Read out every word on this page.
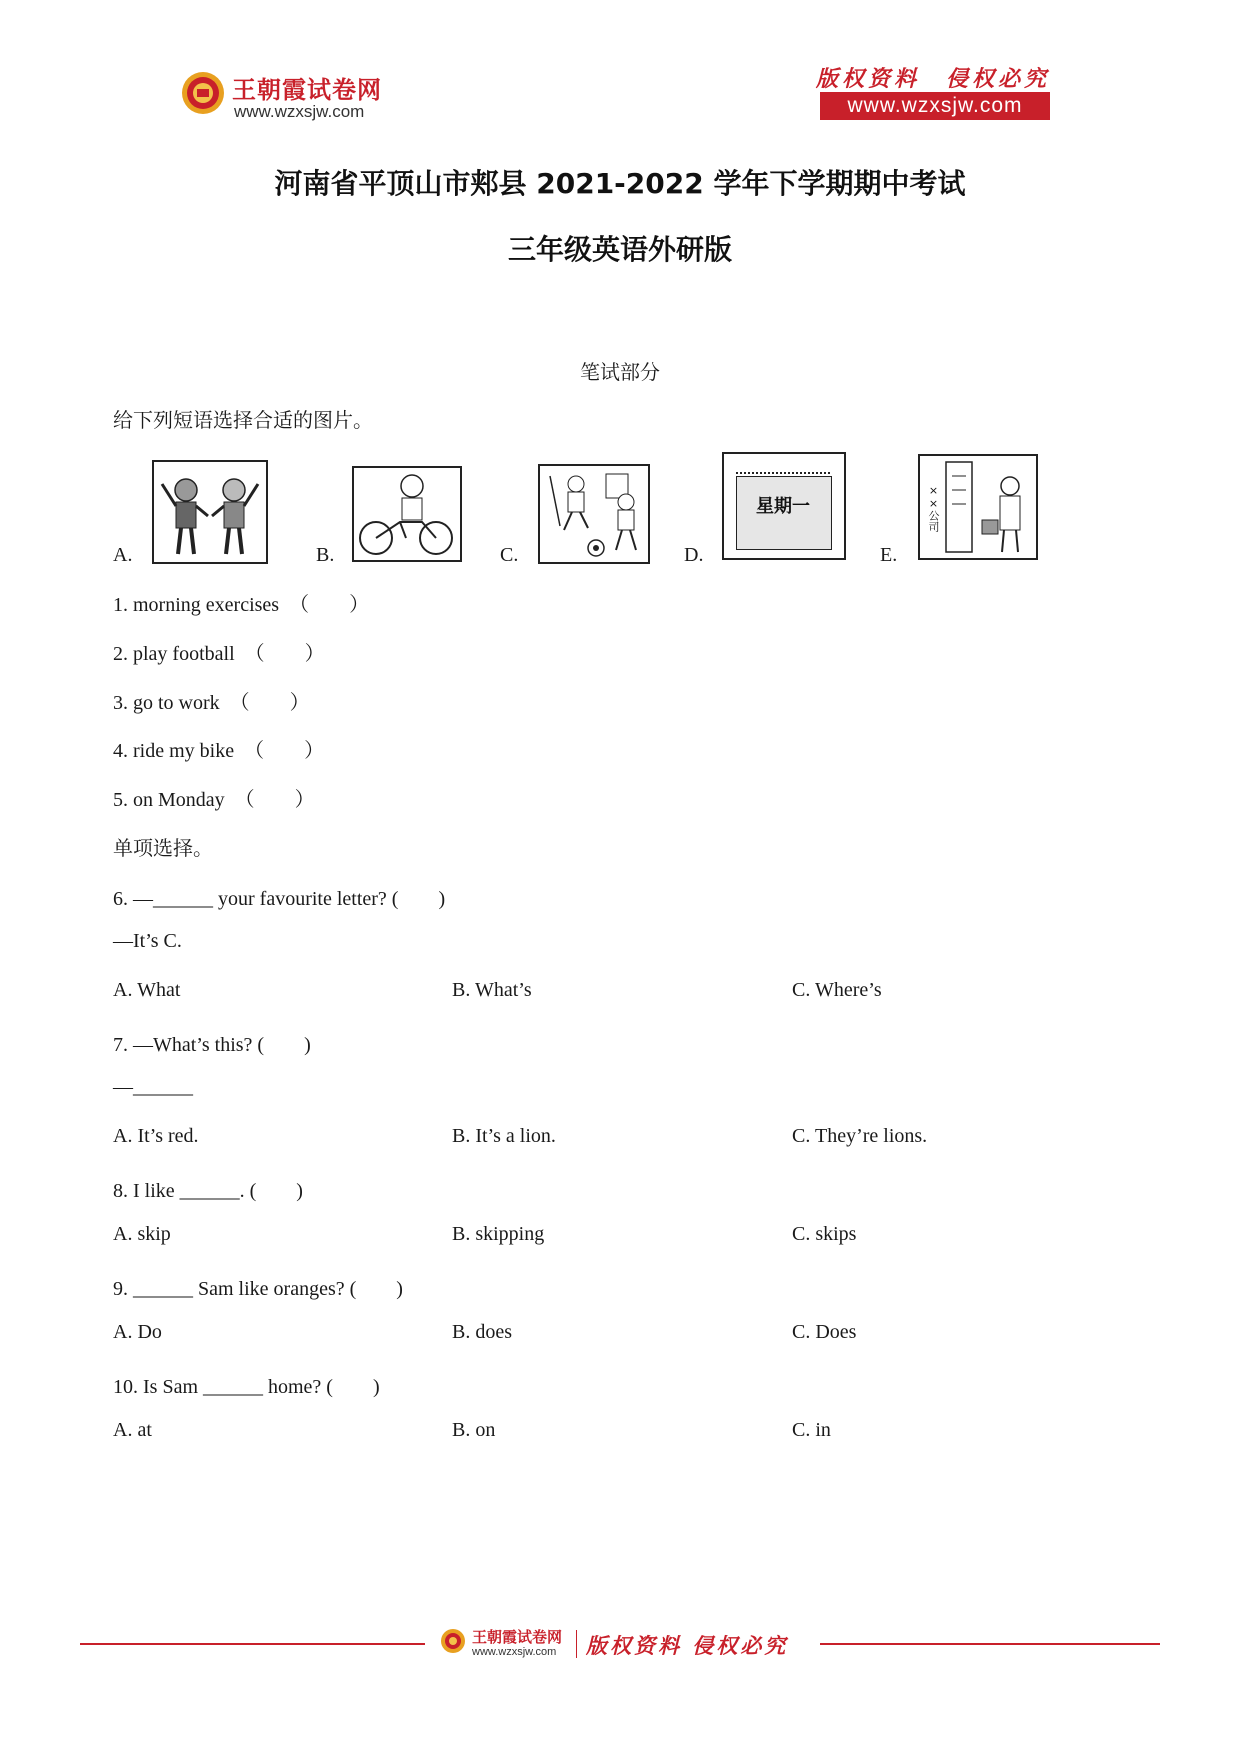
王朝霞试卷网
www.wzxsjw.com
版权资料　侵权必究
www.wzxsjw.com
河南省平顶山市郏县 2021-2022 学年下学期期中考试
三年级英语外研版
笔试部分
给下列短语选择合适的图片。
A.	B.	C.	D.
星期一
E.
××公司
1. morning exercises　（　　）
2. play football　（　　）
3. go to work　（　　）
4. ride my bike　（　　）
5. on Monday　（　　）
单项选择。
6. —______ your favourite letter? (　　)
—It’s C.
A. What	B. What’s	C. Where’s
7. —What’s this? (　　)
—______
A. It’s red.	B. It’s a lion.	C. They’re lions.
8. I like ______. (　　)
A. skip	B. skipping	C. skips
9. ______ Sam like oranges? (　　)
A. Do	B. does	C. Does
10. Is Sam ______ home? (　　)
A. at	B. on	C. in
王朝霞试卷网
www.wzxsjw.com 版权资料 侵权必究
